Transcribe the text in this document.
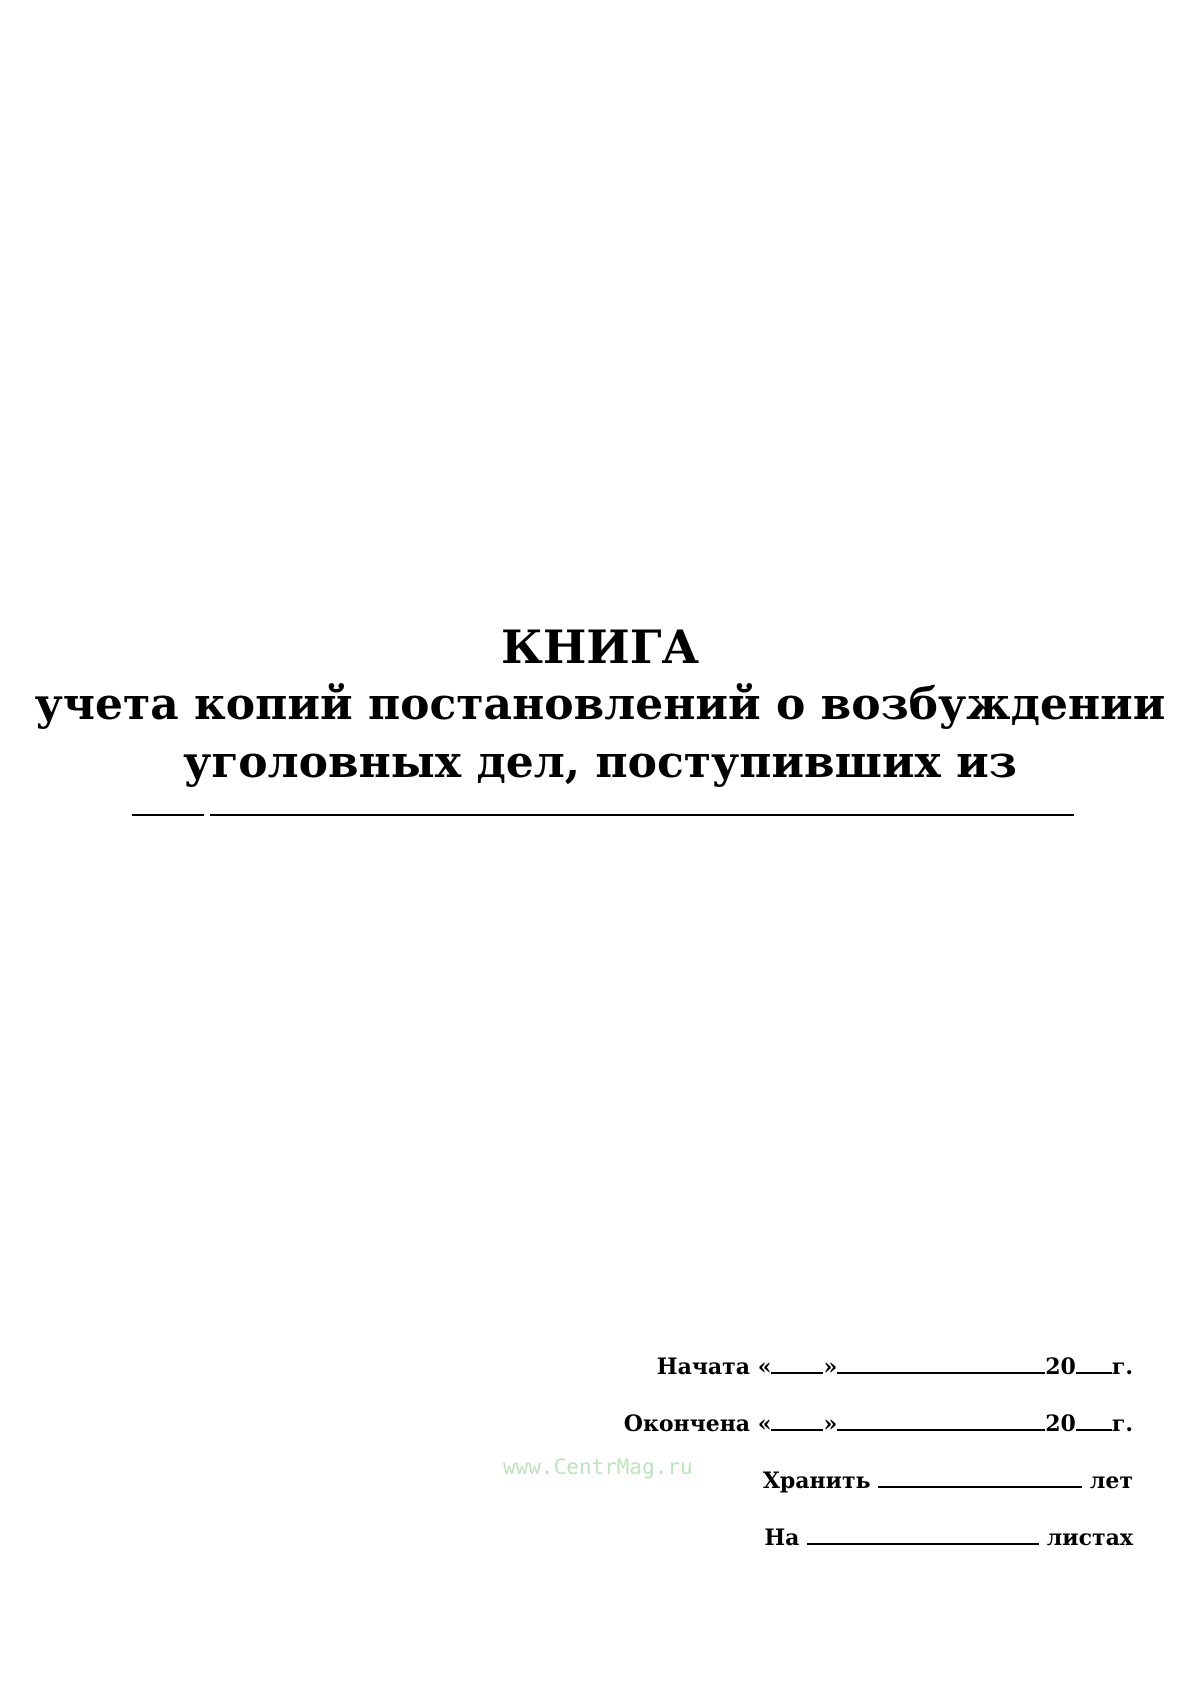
КНИГА
учета копий постановлений о возбуждении
уголовных дел, поступивших из
Начата « »	20 г.
Окончена « »	20 г.
Хранить	лет
На	листах
www.CentrMag.ru
